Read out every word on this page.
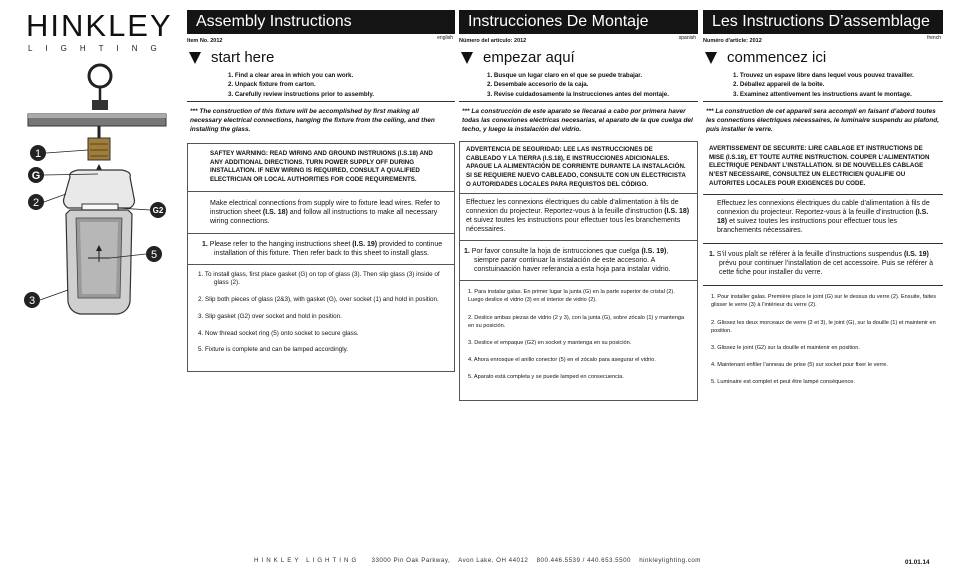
HINKLEY
LIGHTING
1
G
2
G2
5
3
Assembly Instructions
Item No. 2012	english
start here
1. Find a clear area in which you can work.
2. Unpack fixture from carton.
3. Carefully review instructions prior to assembly.
*** The construction of this fixture will be accomplished by first making all necessary electrical connections, hanging the fixture from the ceiling, and then installing the glass.
SAFTEY WARNING: READ WIRING AND GROUND INSTRUIONS (I.S.18) AND ANY ADDITIONAL DIRECTIONS. TURN POWER SUPPLY OFF DURING INSTALLATION. IF NEW WIRING IS REQUIRED, CONSULT A QUALIFIED ELECTRICIAN OR LOCAL AUTHORITIES FOR CODE REQUIREMENTS.
Make electrical connections from supply wire to fixture lead wires. Refer to instruction sheet (I.S. 18) and follow all instructions to make all necessary wiring connections.
1. Please refer to the hanging instructions sheet (I.S. 19) provided to continue installation of this fixture. Then refer back to this sheet to install glass.
1. To install glass, first place gasket (G) on top of glass (3). Then slip glass (3) inside of glass (2).
2. Slip both pieces of glass (2&3), with gasket (G), over socket (1) and hold in position.
3. Slip gasket (G2) over socket and hold in position.
4. Now thread socket ring (5) onto socket to secure glass.
5. Fixture is complete and can be lamped accordingly.
Instrucciones De Montaje
Número del artículo: 2012	spanish
empezar aquí
1. Busque un lugar claro en el que se puede trabajar.
2. Desembale accesorio de la caja.
3. Revise cuidadosamente la Instrucciones antes del montaje.
*** La construcción de este aparato se llecaraá a cabo por primera haver todas las conexiones eléctricas necesarias, el aparato de la que cuelga del techo, y luego la instalación del vidrio.
ADVERTENCIA DE SEGURIDAD: LEE LAS INSTRUCCIONES DE CABLEADO Y LA TIERRA (I.S.18), E INSTRUCCIONES ADICIONALES. APAGUE LA ALIMENTACIÓN DE CORRIENTE DURANTE LA INSTALACIÓN. SI SE REQUIERE NUEVO CABLEADO, CONSULTE CON UN ELECTRICISTA O AUTORIDADES LOCALES PARA REQUISTOS DEL CÓDIGO.
Effectuez les connexions électriques du cable d'alimentation à fils de connexion du projecteur. Reportez-vous à la feuille d'instruction (I.S. 18) et suivez toutes les instructions pour effectuer tous les branchements nécessaires.
1. Por favor consulte la hoja de isntrucciones que cuelga (I.S. 19), siempre parar continuar la instalación de este accesorio. A constuinaación haver referancia a esta hoja para instalar vidrio.
1. Para instalar galas. En primer lugar la junta (G) en la parte superior de cristal (2). Luego deslice el vidrio (3) en el interior de vidrio (2).
2. Deslice ambas piezas de vidrio (2 y 3), con la junta (G), sobre zócalo (1) y mantenga en su posición.
3. Deslice el empaque (G2) en socket y mantenga en su posición.
4. Ahora enrosque el anillo conector (5) en el zócalo para asegurar el vidrio.
5. Aparato está completa y se puede lamped en consecuencia.
Les Instructions D’assemblage
Numéro d'article: 2012	french
commencez ici
1. Trouvez un espave libre dans lequel vous pouvez travailler.
2. Déballez appareil de la boîte.
3. Examinez attentivement les instructions avant le montage.
*** La construction de cet appareil sera accompli en faisant d’abord toutes les connections électriques nécessaires, le luminaire suspendu au plafond, puis installer le verre.
AVERTISSEMENT DE SECURITE: LIRE CABLAGE ET INSTRUCTIONS DE MISE (I.S.18), ET TOUTE AUTRE INSTRUCTION. COUPER L’ALIMENTATION ELECTRIQUE PENDANT L’INSTALLATION. SI DE NOUVELLES CABLAGE N’EST NECESSAIRE, CONSULTEZ UN ELECTRICIEN QUALIFIE OU AUTORITES LOCALES POUR EXIGENCES DU CODE.
Effectuez les connexions électriques du cable d’alimentation à fils de connexion du projecteur. Reportez-vous à la feuille d’instruction (I.S. 18) et suivez toutes les instructions pour effectuer tous les branchements nécessaires.
1. S’il vous plaît se référer à la feuille d’instructions suspendus (I.S. 19) prévu pour continuer l’installation de cet accessoire. Puis se référer à cette fiche pour installer du verre.
1. Pour installer galas. Première place le joint (G) sur le dessus du verre (2). Ensuite, faites glisser le verre (3) à l’intérieur du verre (2).
2. Glissez les deux morceaux de verre (2 et 3), le joint (G), sur la douille (1) et maintenir en position.
3. Glissez le joint (G2) sur la douille et maintenir en position.
4. Maintenant enfiler l’anneau de prise (5) sur socket pour fixer le verre.
5. Luminaire est complet et peut être lampé conséquence.
HINKLEY LIGHTING 33000 Pin Oak Parkway, Avon Lake, OH 44012 800.446.5539 / 440.653.5500 hinkleylighting.com	01.01.14
